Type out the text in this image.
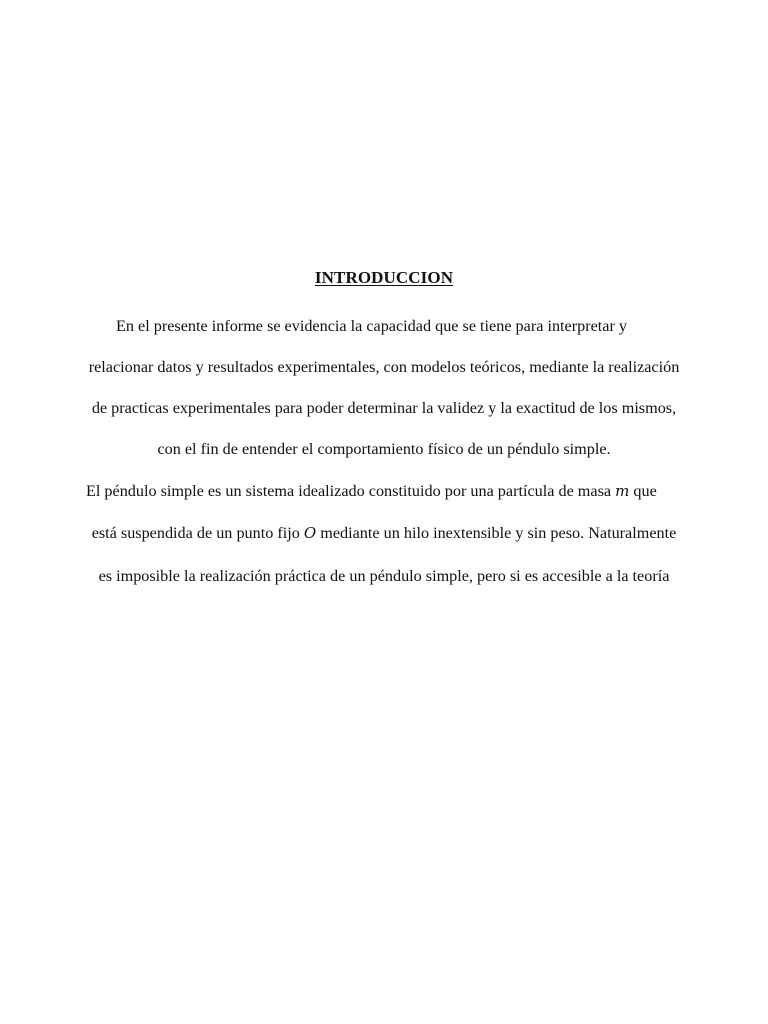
INTRODUCCION
En el presente informe se evidencia la capacidad que se tiene para interpretar y
relacionar datos y resultados experimentales, con modelos teóricos, mediante la realización
de practicas experimentales para poder determinar la validez y la exactitud de los mismos,
con el fin de entender el comportamiento físico de un péndulo simple.
El péndulo simple es un sistema idealizado constituido por una partícula de masa m que
está suspendida de un punto fijo O mediante un hilo inextensible y sin peso. Naturalmente
es imposible la realización práctica de un péndulo simple, pero si es accesible a la teoría
